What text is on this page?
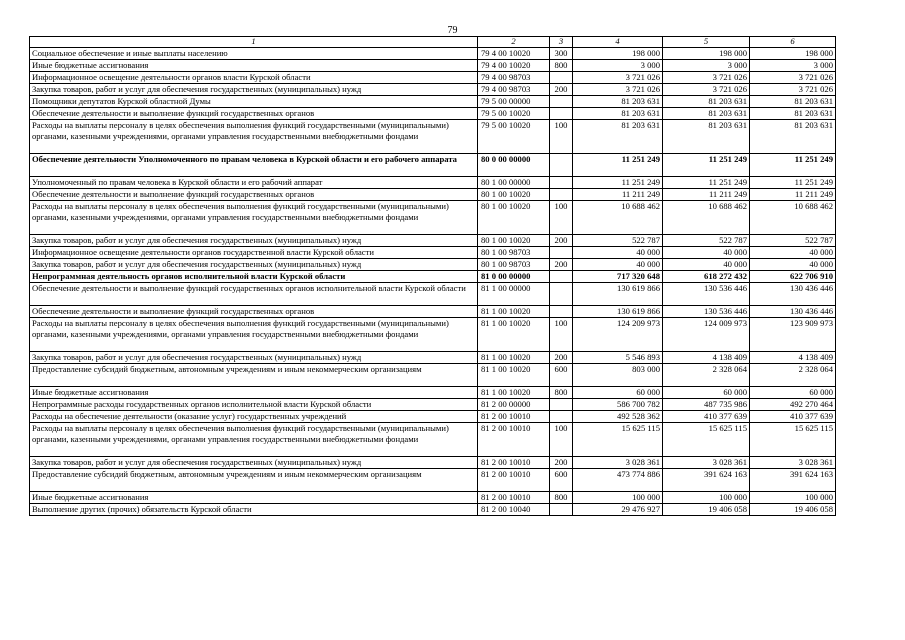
79
1	2	3	4	5	6
Социальное обеспечение и иные выплаты населению	79 4 00 10020	300	198 000	198 000	198 000
Иные бюджетные ассигнования	79 4 00 10020	800	3 000	3 000	3 000
Информационное освещение деятельности органов власти Курской области	79 4 00 98703		3 721 026	3 721 026	3 721 026
Закупка товаров, работ и услуг для обеспечения государственных (муниципальных) нужд	79 4 00 98703	200	3 721 026	3 721 026	3 721 026
Помощники депутатов Курской областной Думы	79 5 00 00000		81 203 631	81 203 631	81 203 631
Обеспечение деятельности и выполнение функций государственных органов	79 5 00 10020		81 203 631	81 203 631	81 203 631
Расходы на выплаты персоналу в целях обеспечения выполнения функций государственными (муниципальными) органами, казенными учреждениями, органами управления государственными внебюджетными фондами	79 5 00 10020	100	81 203 631	81 203 631	81 203 631
Обеспечение деятельности Уполномоченного по правам человека в Курской области и его рабочего аппарата	80 0 00 00000		11 251 249	11 251 249	11 251 249
Уполномоченный по правам человека в Курской области и его рабочий аппарат	80 1 00 00000		11 251 249	11 251 249	11 251 249
Обеспечение деятельности и выполнение функций государственных органов	80 1 00 10020		11 211 249	11 211 249	11 211 249
Расходы на выплаты персоналу в целях обеспечения выполнения функций государственными (муниципальными) органами, казенными учреждениями, органами управления государственными внебюджетными фондами	80 1 00 10020	100	10 688 462	10 688 462	10 688 462
Закупка товаров, работ и услуг для обеспечения государственных (муниципальных) нужд	80 1 00 10020	200	522 787	522 787	522 787
Информационное освещение деятельности органов государственной власти Курской области	80 1 00 98703		40 000	40 000	40 000
Закупка товаров, работ и услуг для обеспечения государственных (муниципальных) нужд	80 1 00 98703	200	40 000	40 000	40 000
Непрограммная деятельность органов исполнительной власти Курской области	81 0 00 00000		717 320 648	618 272 432	622 706 910
Обеспечение деятельности и выполнение функций государственных органов исполнительной власти Курской области	81 1 00 00000		130 619 866	130 536 446	130 436 446
Обеспечение деятельности и выполнение функций государственных органов	81 1 00 10020		130 619 866	130 536 446	130 436 446
Расходы на выплаты персоналу в целях обеспечения выполнения функций государственными (муниципальными) органами, казенными учреждениями, органами управления государственными внебюджетными фондами	81 1 00 10020	100	124 209 973	124 009 973	123 909 973
Закупка товаров, работ и услуг для обеспечения государственных (муниципальных) нужд	81 1 00 10020	200	5 546 893	4 138 409	4 138 409
Предоставление субсидий бюджетным, автономным учреждениям и иным некоммерческим организациям	81 1 00 10020	600	803 000	2 328 064	2 328 064
Иные бюджетные ассигнования	81 1 00 10020	800	60 000	60 000	60 000
Непрограммные расходы государственных органов исполнительной власти Курской области	81 2 00 00000		586 700 782	487 735 986	492 270 464
Расходы на обеспечение деятельности (оказание услуг) государственных учреждений	81 2 00 10010		492 528 362	410 377 639	410 377 639
Расходы на выплаты персоналу в целях обеспечения выполнения функций государственными (муниципальными) органами, казенными учреждениями, органами управления государственными внебюджетными фондами	81 2 00 10010	100	15 625 115	15 625 115	15 625 115
Закупка товаров, работ и услуг для обеспечения государственных (муниципальных) нужд	81 2 00 10010	200	3 028 361	3 028 361	3 028 361
Предоставление субсидий бюджетным, автономным учреждениям и иным некоммерческим организациям	81 2 00 10010	600	473 774 886	391 624 163	391 624 163
Иные бюджетные ассигнования	81 2 00 10010	800	100 000	100 000	100 000
Выполнение других (прочих) обязательств Курской области	81 2 00 10040		29 476 927	19 406 058	19 406 058
